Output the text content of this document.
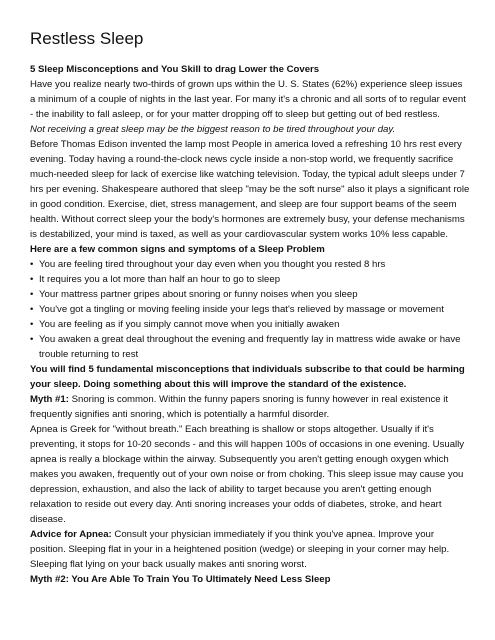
Restless Sleep

5 Sleep Misconceptions and You Skill to drag Lower the Covers

Have you realize nearly two-thirds of grown ups within the U. S. States (62%) experience sleep issues a minimum of a couple of nights in the last year. For many it's a chronic and all sorts of to regular event - the inability to fall asleep, or for your matter dropping off to sleep but getting out of bed restless.

Not receiving a great sleep may be the biggest reason to be tired throughout your day.

Before Thomas Edison invented the lamp most People in america loved a refreshing 10 hrs rest every evening. Today having a round-the-clock news cycle inside a non-stop world, we frequently sacrifice much-needed sleep for lack of exercise like watching television. Today, the typical adult sleeps under 7 hrs per evening. Shakespeare authored that sleep "may be the soft nurse" also it plays a significant role in good condition. Exercise, diet, stress management, and sleep are four support beams of the seem health. Without correct sleep your the body's hormones are extremely busy, your defense mechanisms is destabilized, your mind is taxed, as well as your cardiovascular system works 10% less capable.

Here are a few common signs and symptoms of a Sleep Problem

• You are feeling tired throughout your day even when you thought you rested 8 hrs
• It requires you a lot more than half an hour to go to sleep
• Your mattress partner gripes about snoring or funny noises when you sleep
• You've got a tingling or moving feeling inside your legs that's relieved by massage or movement
• You are feeling as if you simply cannot move when you initially awaken
• You awaken a great deal throughout the evening and frequently lay in mattress wide awake or have trouble returning to rest

You will find 5 fundamental misconceptions that individuals subscribe to that could be harming your sleep. Doing something about this will improve the standard of the existence.

Myth #1: Snoring is common. Within the funny papers snoring is funny however in real existence it frequently signifies anti snoring, which is potentially a harmful disorder.

Apnea is Greek for "without breath." Each breathing is shallow or stops altogether. Usually if it's preventing, it stops for 10-20 seconds - and this will happen 100s of occasions in one evening. Usually apnea is really a blockage within the airway. Subsequently you aren't getting enough oxygen which makes you awaken, frequently out of your own noise or from choking. This sleep issue may cause you depression, exhaustion, and also the lack of ability to target because you aren't getting enough relaxation to reside out every day. Anti snoring increases your odds of diabetes, stroke, and heart disease.

Advice for Apnea: Consult your physician immediately if you think you've apnea. Improve your position. Sleeping flat in your in a heightened position (wedge) or sleeping in your corner may help. Sleeping flat lying on your back usually makes anti snoring worst.

Myth #2: You Are Able To Train You To Ultimately Need Less Sleep
